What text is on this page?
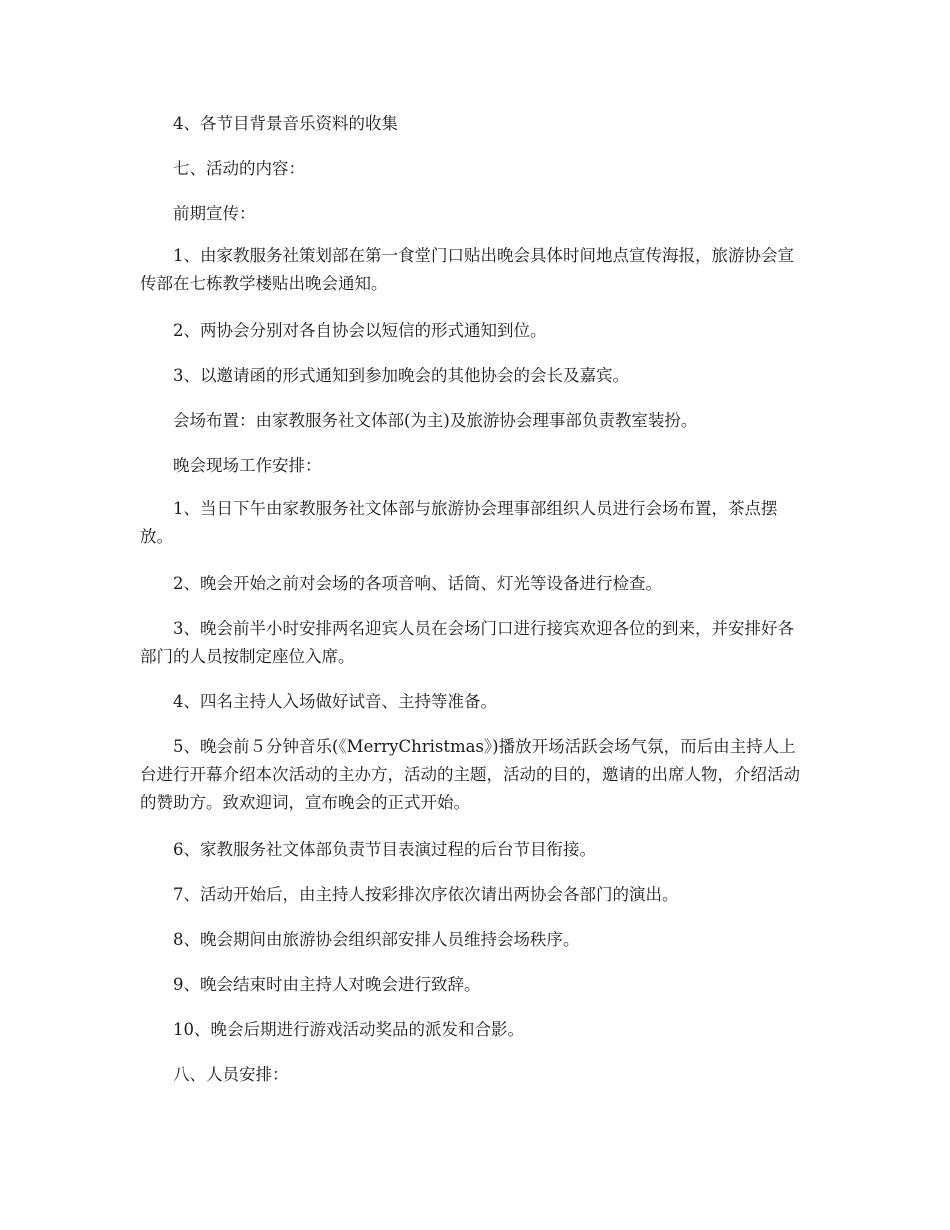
4、各节目背景音乐资料的收集

七、活动的内容：

前期宣传：

1、由家教服务社策划部在第一食堂门口贴出晚会具体时间地点宣传海报，旅游协会宣传部在七栋教学楼贴出晚会通知。

2、两协会分别对各自协会以短信的形式通知到位。

3、以邀请函的形式通知到参加晚会的其他协会的会长及嘉宾。

会场布置：由家教服务社文体部(为主)及旅游协会理事部负责教室装扮。

晚会现场工作安排：

1、当日下午由家教服务社文体部与旅游协会理事部组织人员进行会场布置，茶点摆放。

2、晚会开始之前对会场的各项音响、话筒、灯光等设备进行检查。

3、晚会前半小时安排两名迎宾人员在会场门口进行接宾欢迎各位的到来，并安排好各部门的人员按制定座位入席。

4、四名主持人入场做好试音、主持等准备。

5、晚会前５分钟音乐(《MerryChristmas》)播放开场活跃会场气氛，而后由主持人上台进行开幕介绍本次活动的主办方，活动的主题，活动的目的，邀请的出席人物，介绍活动的赞助方。致欢迎词，宣布晚会的正式开始。

6、家教服务社文体部负责节目表演过程的后台节目衔接。

7、活动开始后，由主持人按彩排次序依次请出两协会各部门的演出。

8、晚会期间由旅游协会组织部安排人员维持会场秩序。

9、晚会结束时由主持人对晚会进行致辞。

10、晚会后期进行游戏活动奖品的派发和合影。

八、人员安排：
